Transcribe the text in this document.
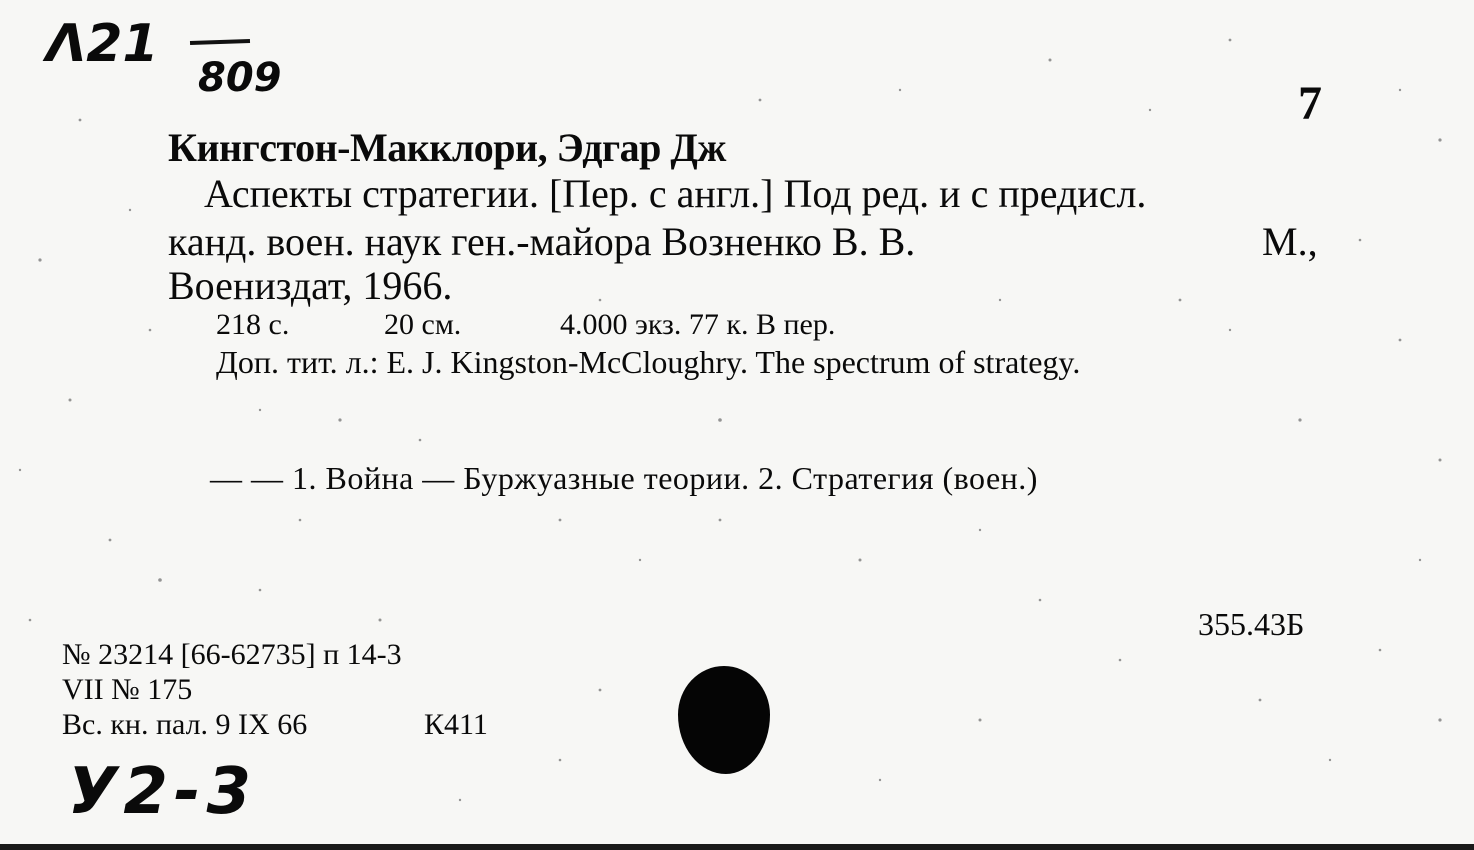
Λ21
809	7
Кингстон-Макклори, Эдгар Дж
Аспекты стратегии. [Пер. с англ.] Под ред. и с предисл.
канд. воен. наук ген.-майора Возненко В. В.	М.,
Воениздат, 1966.
218 с.	20 см.	4.000 экз. 77 к. В пер.
Доп. тит. л.: E. J. Kingston-McCloughry. The spectrum of strategy.
— — 1. Война — Буржуазные теории. 2. Стратегия (воен.)
355.43Б
№ 23214 [66-62735] п 14-3
VII № 175
Вс. кн. пал. 9 IX 66	К411
У2-3
